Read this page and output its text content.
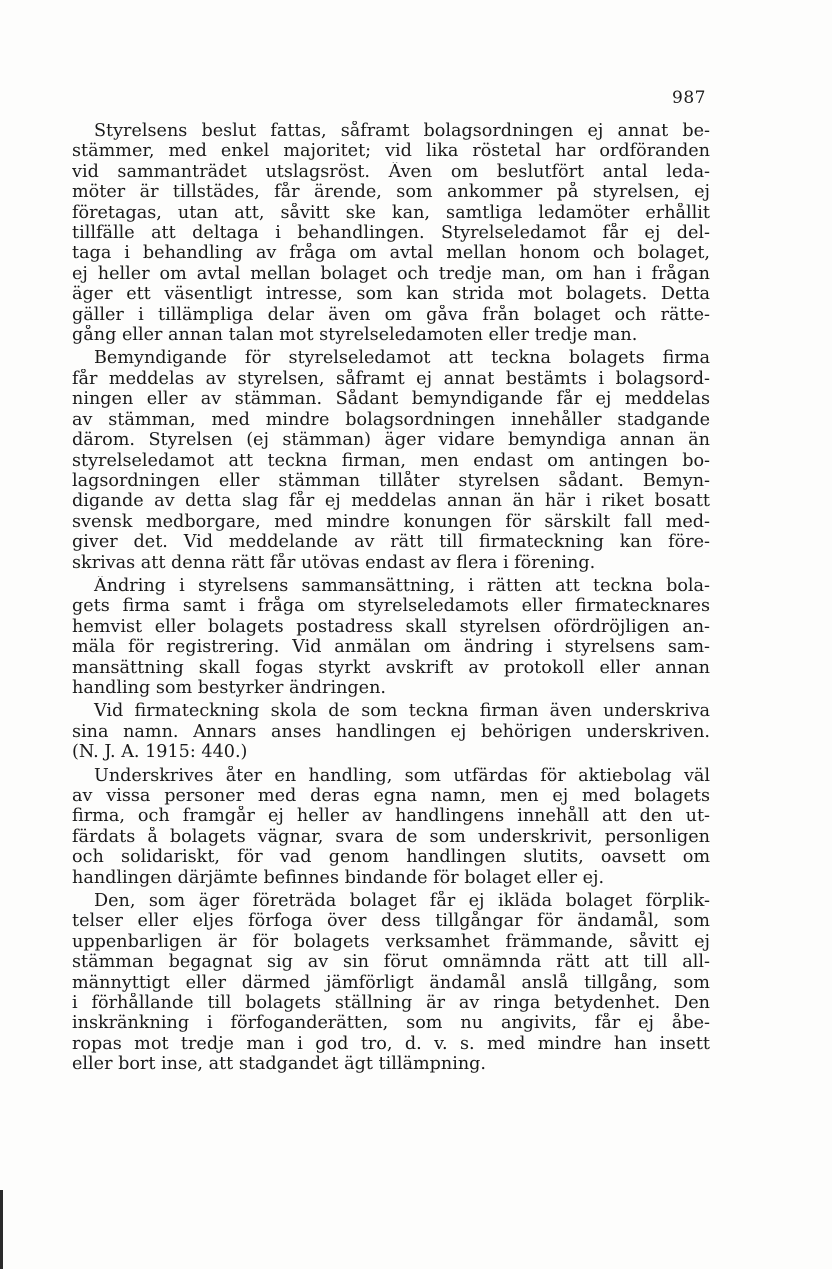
987

Styrelsens beslut fattas, såframt bolagsordningen ej annat be-
stämmer, med enkel majoritet; vid lika röstetal har ordföranden
vid sammanträdet utslagsröst. Även om beslutfört antal leda-
möter är tillstädes, får ärende, som ankommer på styrelsen, ej
företagas, utan att, såvitt ske kan, samtliga ledamöter erhållit
tillfälle att deltaga i behandlingen. Styrelseledamot får ej del-
taga i behandling av fråga om avtal mellan honom och bolaget,
ej heller om avtal mellan bolaget och tredje man, om han i frågan
äger ett väsentligt intresse, som kan strida mot bolagets. Detta
gäller i tillämpliga delar även om gåva från bolaget och rätte-
gång eller annan talan mot styrelseledamoten eller tredje man.

Bemyndigande för styrelseledamot att teckna bolagets firma
får meddelas av styrelsen, såframt ej annat bestämts i bolagsord-
ningen eller av stämman. Sådant bemyndigande får ej meddelas
av stämman, med mindre bolagsordningen innehåller stadgande
därom. Styrelsen (ej stämman) äger vidare bemyndiga annan än
styrelseledamot att teckna firman, men endast om antingen bo-
lagsordningen eller stämman tillåter styrelsen sådant. Bemyn-
digande av detta slag får ej meddelas annan än här i riket bosatt
svensk medborgare, med mindre konungen för särskilt fall med-
giver det. Vid meddelande av rätt till firmateckning kan före-
skrivas att denna rätt får utövas endast av flera i förening.

Ändring i styrelsens sammansättning, i rätten att teckna bola-
gets firma samt i fråga om styrelseledamots eller firmatecknares
hemvist eller bolagets postadress skall styrelsen ofördröjligen an-
mäla för registrering. Vid anmälan om ändring i styrelsens sam-
mansättning skall fogas styrkt avskrift av protokoll eller annan
handling som bestyrker ändringen.

Vid firmateckning skola de som teckna firman även underskriva
sina namn. Annars anses handlingen ej behörigen underskriven.
(N. J. A. 1915: 440.)

Underskrives åter en handling, som utfärdas för aktiebolag väl
av vissa personer med deras egna namn, men ej med bolagets
firma, och framgår ej heller av handlingens innehåll att den ut-
färdats å bolagets vägnar, svara de som underskrivit, personligen
och solidariskt, för vad genom handlingen slutits, oavsett om
handlingen därjämte befinnes bindande för bolaget eller ej.

Den, som äger företräda bolaget får ej ikläda bolaget förplik-
telser eller eljes förfoga över dess tillgångar för ändamål, som
uppenbarligen är för bolagets verksamhet främmande, såvitt ej
stämman begagnat sig av sin förut omnämnda rätt att till all-
männyttigt eller därmed jämförligt ändamål anslå tillgång, som
i förhållande till bolagets ställning är av ringa betydenhet. Den
inskränkning i förfoganderätten, som nu angivits, får ej åbe-
ropas mot tredje man i god tro, d. v. s. med mindre han insett
eller bort inse, att stadgandet ägt tillämpning.
